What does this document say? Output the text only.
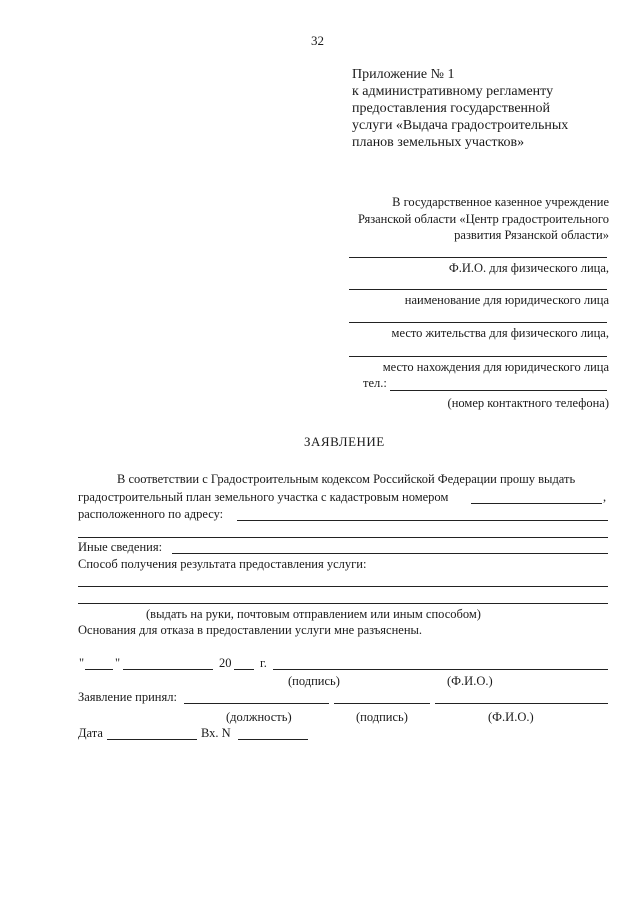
32
Приложение № 1
к административному регламенту
предоставления государственной
услуги «Выдача градостроительных
планов земельных участков»
В государственное казенное учреждение
Рязанской области «Центр градостроительного
развития Рязанской области»
Ф.И.О. для физического лица,
наименование для юридического лица
место жительства для физического лица,
место нахождения для юридического лица
тел.:
(номер контактного телефона)
ЗАЯВЛЕНИЕ
В соответствии с Градостроительным кодексом Российской Федерации прошу выдать
градостроительный план земельного участка с кадастровым номером	,
расположенного по адресу:
Иные сведения:
Способ получения результата предоставления услуги:
(выдать на руки, почтовым отправлением или иным способом)
Основания для отказа в предоставлении услуги мне разъяснены.
" "	20 г.
(подпись)	(Ф.И.О.)
Заявление принял:
(должность)	(подпись)	(Ф.И.О.)
Дата	Вх. N
